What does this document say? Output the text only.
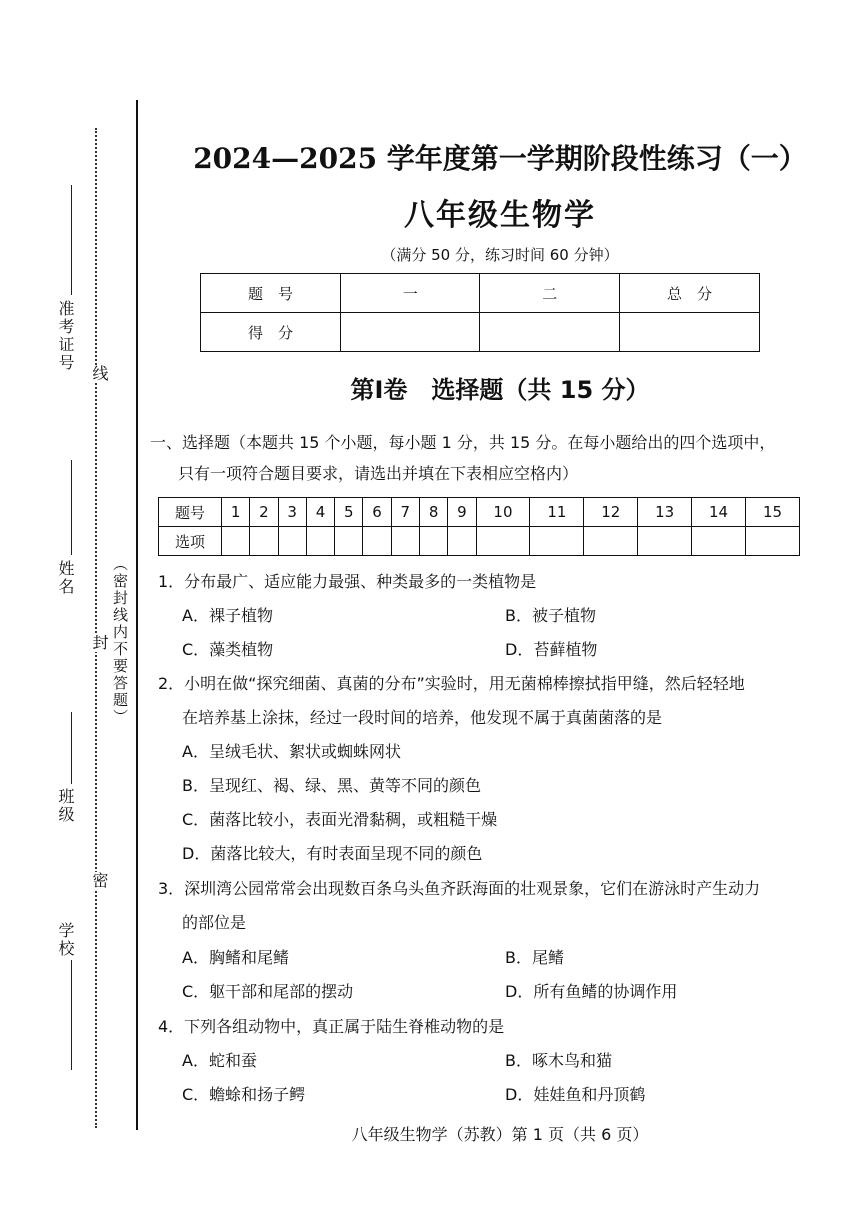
准考证号
线
姓名
封 （密封线内不要答题）
班级
密
学校
2024—2025 学年度第一学期阶段性练习（一）
八年级生物学
（满分 50 分，练习时间 60 分钟）
题　号	一	二	总　分
得　分			
第Ⅰ卷　选择题（共 15 分）
一、选择题（本题共 15 个小题，每小题 1 分，共 15 分。在每小题给出的四个选项中，
只有一项符合题目要求，请选出并填在下表相应空格内）
题号	1	2	3	4	5	6	7	8	9	10	11	12	13	14	15
选项															
1．分布最广、适应能力最强、种类最多的一类植物是
A．裸子植物	B．被子植物
C．藻类植物	D．苔藓植物
2．小明在做“探究细菌、真菌的分布”实验时，用无菌棉棒擦拭指甲缝，然后轻轻地
在培养基上涂抹，经过一段时间的培养，他发现不属于真菌菌落的是
A．呈绒毛状、絮状或蜘蛛网状
B．呈现红、褐、绿、黑、黄等不同的颜色
C．菌落比较小，表面光滑黏稠，或粗糙干燥
D．菌落比较大，有时表面呈现不同的颜色
3．深圳湾公园常常会出现数百条乌头鱼齐跃海面的壮观景象，它们在游泳时产生动力
的部位是
A．胸鳍和尾鳍	B．尾鳍
C．躯干部和尾部的摆动	D．所有鱼鳍的协调作用
4．下列各组动物中，真正属于陆生脊椎动物的是
A．蛇和蚕	B．啄木鸟和猫
C．蟾蜍和扬子鳄	D．娃娃鱼和丹顶鹤
八年级生物学（苏教）第 1 页（共 6 页）
